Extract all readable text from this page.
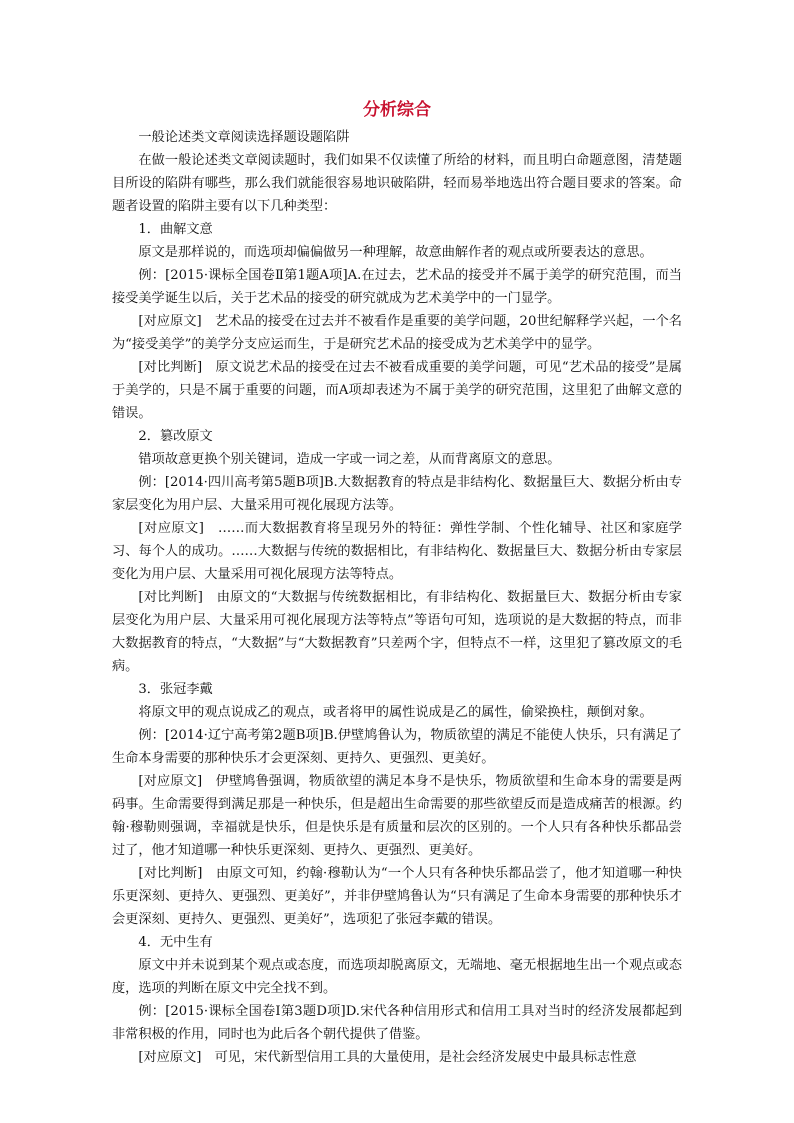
分析综合

一般论述类文章阅读选择题设题陷阱

在做一般论述类文章阅读题时，我们如果不仅读懂了所给的材料，而且明白命题意图，清楚题目所设的陷阱有哪些，那么我们就能很容易地识破陷阱，轻而易举地选出符合题目要求的答案。命题者设置的陷阱主要有以下几种类型：

1．曲解文意

原文是那样说的，而选项却偏偏做另一种理解，故意曲解作者的观点或所要表达的意思。

例：[2015·课标全国卷Ⅱ第1题A项]A.在过去，艺术品的接受并不属于美学的研究范围，而当接受美学诞生以后，关于艺术品的接受的研究就成为艺术美学中的一门显学。

[对应原文]　艺术品的接受在过去并不被看作是重要的美学问题，20世纪解释学兴起，一个名为“接受美学”的美学分支应运而生，于是研究艺术品的接受成为艺术美学中的显学。

[对比判断]　原文说艺术品的接受在过去不被看成重要的美学问题，可见“艺术品的接受”是属于美学的，只是不属于重要的问题，而A项却表述为不属于美学的研究范围，这里犯了曲解文意的错误。

2．篡改原文

错项故意更换个别关键词，造成一字或一词之差，从而背离原文的意思。

例：[2014·四川高考第5题B项]B.大数据教育的特点是非结构化、数据量巨大、数据分析由专家层变化为用户层、大量采用可视化展现方法等。

[对应原文]　……而大数据教育将呈现另外的特征：弹性学制、个性化辅导、社区和家庭学习、每个人的成功。……大数据与传统的数据相比，有非结构化、数据量巨大、数据分析由专家层变化为用户层、大量采用可视化展现方法等特点。

[对比判断]　由原文的“大数据与传统数据相比，有非结构化、数据量巨大、数据分析由专家层变化为用户层、大量采用可视化展现方法等特点”等语句可知，选项说的是大数据的特点，而非大数据教育的特点，“大数据”与“大数据教育”只差两个字，但特点不一样，这里犯了篡改原文的毛病。

3．张冠李戴

将原文甲的观点说成乙的观点，或者将甲的属性说成是乙的属性，偷梁换柱，颠倒对象。

例：[2014·辽宁高考第2题B项]B.伊壁鸠鲁认为，物质欲望的满足不能使人快乐，只有满足了生命本身需要的那种快乐才会更深刻、更持久、更强烈、更美好。

[对应原文]　伊壁鸠鲁强调，物质欲望的满足本身不是快乐，物质欲望和生命本身的需要是两码事。生命需要得到满足那是一种快乐，但是超出生命需要的那些欲望反而是造成痛苦的根源。约翰·穆勒则强调，幸福就是快乐，但是快乐是有质量和层次的区别的。一个人只有各种快乐都品尝过了，他才知道哪一种快乐更深刻、更持久、更强烈、更美好。

[对比判断]　由原文可知，约翰·穆勒认为“一个人只有各种快乐都品尝了，他才知道哪一种快乐更深刻、更持久、更强烈、更美好”，并非伊壁鸠鲁认为“只有满足了生命本身需要的那种快乐才会更深刻、更持久、更强烈、更美好”，选项犯了张冠李戴的错误。

4．无中生有

原文中并未说到某个观点或态度，而选项却脱离原文，无端地、毫无根据地生出一个观点或态度，选项的判断在原文中完全找不到。

例：[2015·课标全国卷Ⅰ第3题D项]D.宋代各种信用形式和信用工具对当时的经济发展都起到非常积极的作用，同时也为此后各个朝代提供了借鉴。

[对应原文]　可见，宋代新型信用工具的大量使用，是社会经济发展史中最具标志性意
